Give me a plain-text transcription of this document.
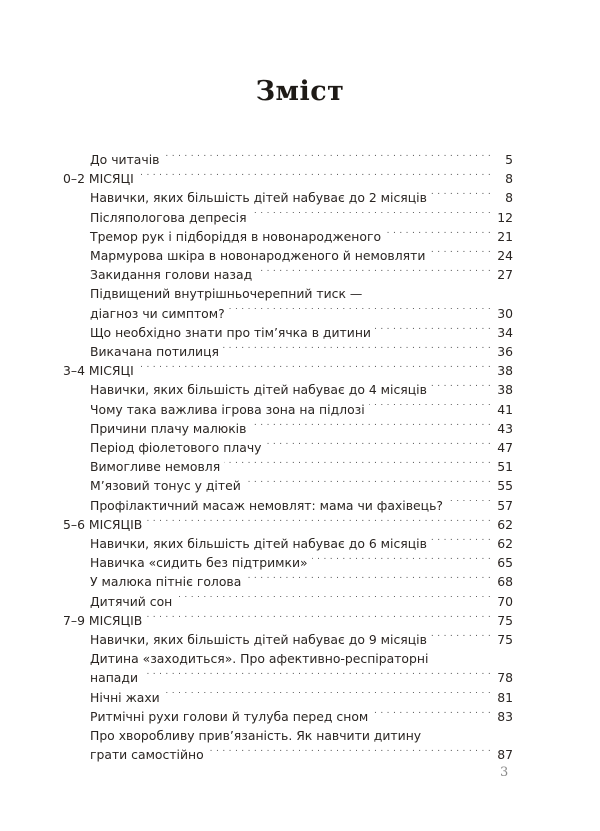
Зміст
До читачів . . .	5
0–2 МІСЯЦІ . . .	8
Навички, яких більшість дітей набуває до 2 місяців . . .	8
Післяпологова депресія . . .	12
Тремор рук і підборіддя в новонародженого . . .	21
Мармурова шкіра в новонародженого й немовляти . . .	24
Закидання голови назад . . .	27
Підвищений внутрішньочерепний тиск —
діагноз чи симптом? . . .	30
Що необхідно знати про тім’ячка в дитини . . .	34
Викачана потилиця . . .	36
3–4 МІСЯЦІ . . .	38
Навички, яких більшість дітей набуває до 4 місяців . . .	38
Чому така важлива ігрова зона на підлозі . . .	41
Причини плачу малюків . . .	43
Період фіолетового плачу . . .	47
Вимогливе немовля . . .	51
М’язовий тонус у дітей . . .	55
Профілактичний масаж немовлят: мама чи фахівець? . . .	57
5–6 МІСЯЦІВ . . .	62
Навички, яких більшість дітей набуває до 6 місяців . . .	62
Навичка «сидить без підтримки» . . .	65
У малюка пітніє голова . . .	68
Дитячий сон . . .	70
7–9 МІСЯЦІВ . . .	75
Навички, яких більшість дітей набуває до 9 місяців . . .	75
Дитина «заходиться». Про афективно-респіраторні
напади . . .	78
Нічні жахи . . .	81
Ритмічні рухи голови й тулуба перед сном . . .	83
Про хворобливу прив’язаність. Як навчити дитину
грати самостійно . . .	87
3
